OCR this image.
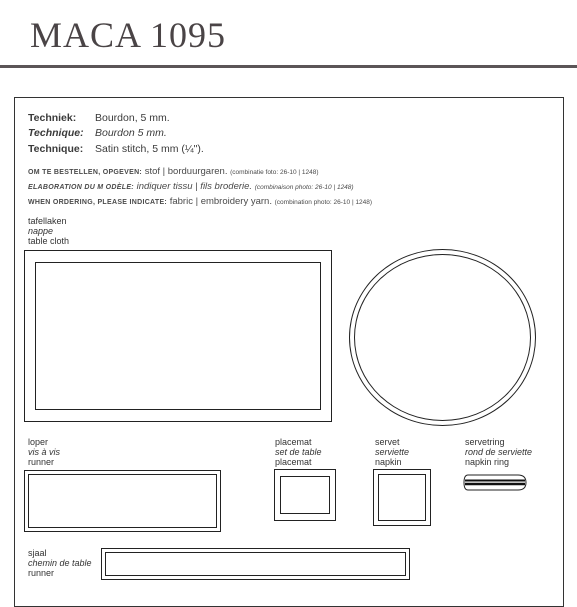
MACA 1095
Techniek: Bourdon, 5 mm.
Technique: Bourdon 5 mm.
Technique: Satin stitch, 5 mm (¼").
OM TE BESTELLEN, OPGEVEN: stof | borduurgaren. (combinatie foto: 26-10 | 1248)
ELABORATION DU M ODÈLE: indiquer tissu | fils broderie. (combinaison photo: 26-10 | 1248)
WHEN ORDERING, PLEASE INDICATE: fabric | embroidery yarn. (combination photo: 26-10 | 1248)
tafellaken
nappe
table cloth
loper
vis à vis
runner
placemat
set de table
placemat
servet
serviette
napkin
servetring
rond de serviette
napkin ring
sjaal
chemin de table
runner
